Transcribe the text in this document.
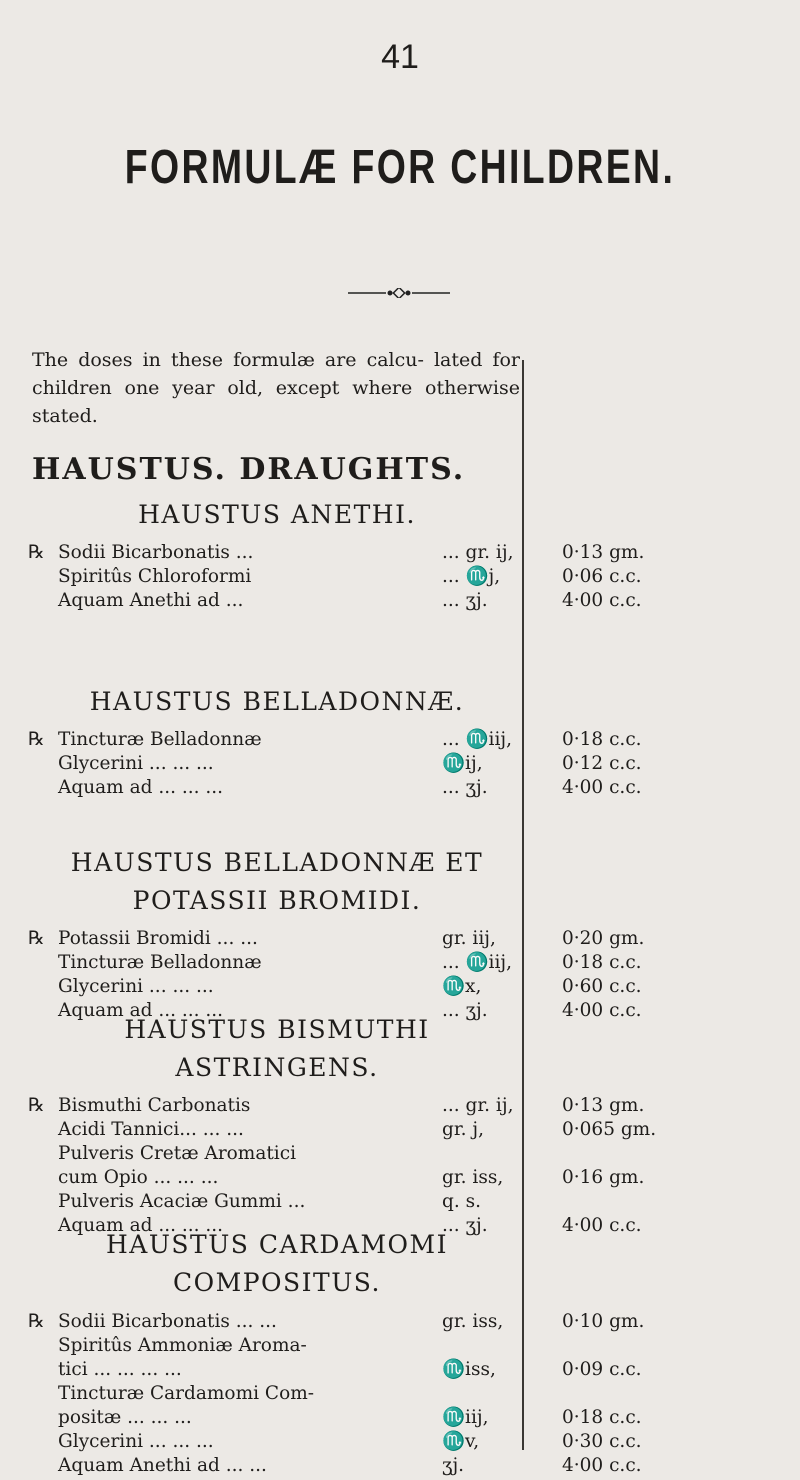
41
FORMULÆ FOR CHILDREN.
The doses in these formulæ are calcu- lated for children one year old, except where otherwise stated.
HAUSTUS. DRAUGHTS.
HAUSTUS ANETHI.
℞ Sodii Bicarbonatis ...	... gr. ij,	0·13 gm.
Spiritûs Chloroformi	... ♏j,	0·06 c.c.
Aquam Anethi ad ...	... ʒj.	4·00 c.c.
HAUSTUS BELLADONNÆ.
℞ Tincturæ Belladonnæ	... ♏iij,	0·18 c.c.
Glycerini ... ... ...	♏ij,	0·12 c.c.
Aquam ad ... ... ...	... ʒj.	4·00 c.c.
HAUSTUS BELLADONNÆ ET
POTASSII BROMIDI.
℞ Potassii Bromidi ... ...	gr. iij,	0·20 gm.
Tincturæ Belladonnæ	... ♏iij,	0·18 c.c.
Glycerini ... ... ...	♏x,	0·60 c.c.
Aquam ad ... ... ...	... ʒj.	4·00 c.c.
HAUSTUS BISMUTHI
ASTRINGENS.
℞ Bismuthi Carbonatis	... gr. ij,	0·13 gm.
Acidi Tannici... ... ...	gr. j,	0·065 gm.
Pulveris Cretæ Aromatici
cum Opio ... ... ...	gr. iss,	0·16 gm.
Pulveris Acaciæ Gummi ...	q. s.
Aquam ad ... ... ...	... ʒj.	4·00 c.c.
HAUSTUS CARDAMOMI
COMPOSITUS.
℞ Sodii Bicarbonatis ... ...	gr. iss,	0·10 gm.
Spiritûs Ammoniæ Aroma-
tici ... ... ... ...	♏iss,	0·09 c.c.
Tincturæ Cardamomi Com-
positæ ... ... ...	♏iij,	0·18 c.c.
Glycerini ... ... ...	♏v,	0·30 c.c.
Aquam Anethi ad ... ...	ʒj.	4·00 c.c.
